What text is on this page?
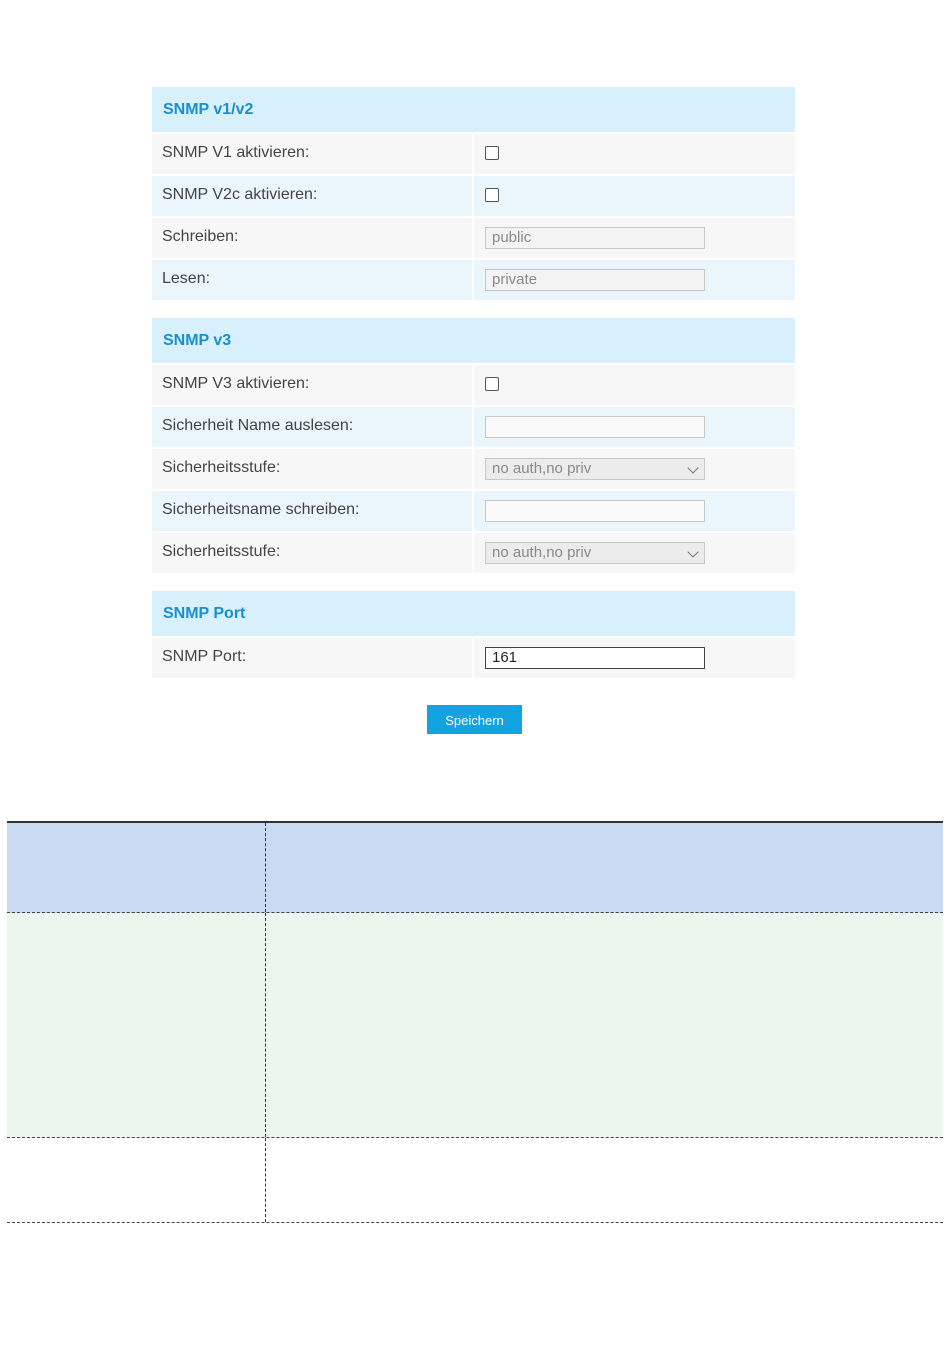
SNMP v1/v2
SNMP V1 aktivieren:
SNMP V2c aktivieren:
Schreiben:	public
Lesen:	private
SNMP v3
SNMP V3 aktivieren:
Sicherheit Name auslesen:
Sicherheitsstufe:	no auth,no priv
Sicherheitsname schreiben:
Sicherheitsstufe:	no auth,no priv
SNMP Port
SNMP Port:	161
Speichern
